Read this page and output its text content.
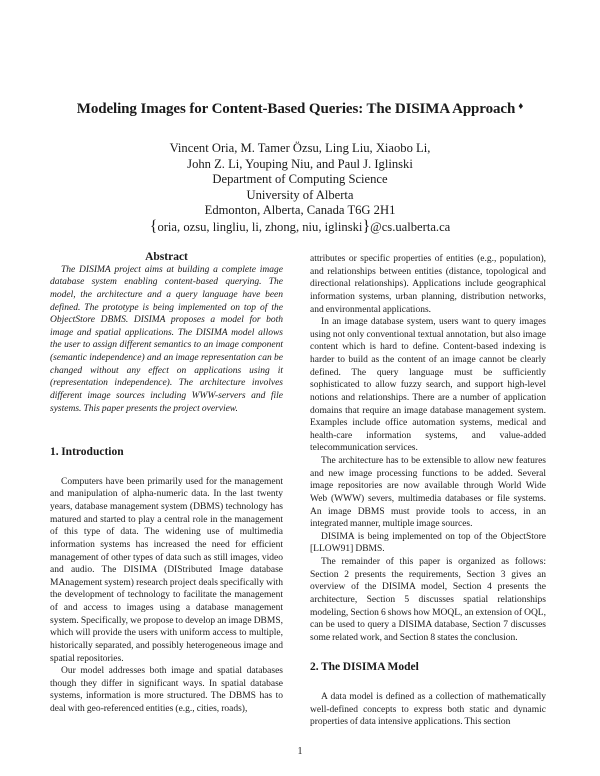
Modeling Images for Content-Based Queries: The DISIMA Approach ♦
Vincent Oria, M. Tamer Özsu, Ling Liu, Xiaobo Li,
John Z. Li, Youping Niu, and Paul J. Iglinski
Department of Computing Science
University of Alberta
Edmonton, Alberta, Canada T6G 2H1
{oria, ozsu, lingliu, li, zhong, niu, iglinski}@cs.ualberta.ca

Abstract

The DISIMA project aims at building a complete image database system enabling content-based querying. The model, the architecture and a query language have been defined. The prototype is being implemented on top of the ObjectStore DBMS. DISIMA proposes a model for both image and spatial applications. The DISIMA model allows the user to assign different semantics to an image component (semantic independence) and an image representation can be changed without any effect on applications using it (representation independence). The architecture involves different image sources including WWW-servers and file systems. This paper presents the project overview.

1. Introduction

Computers have been primarily used for the management and manipulation of alpha-numeric data. In the last twenty years, database management system (DBMS) technology has matured and started to play a central role in the management of this type of data. The widening use of multimedia information systems has increased the need for efficient management of other types of data such as still images, video and audio. The DISIMA (DIStributed Image database MAnagement system) research project deals specifically with the development of technology to facilitate the management of and access to images using a database management system. Specifically, we propose to develop an image DBMS, which will provide the users with uniform access to multiple, historically separated, and possibly heterogeneous image and spatial repositories.

Our model addresses both image and spatial databases though they differ in significant ways. In spatial database systems, information is more structured. The DBMS has to deal with geo-referenced entities (e.g., cities, roads),

attributes or specific properties of entities (e.g., population), and relationships between entities (distance, topological and directional relationships). Applications include geographical information systems, urban planning, distribution networks, and environmental applications.

In an image database system, users want to query images using not only conventional textual annotation, but also image content which is hard to define. Content-based indexing is harder to build as the content of an image cannot be clearly defined. The query language must be sufficiently sophisticated to allow fuzzy search, and support high-level notions and relationships. There are a number of application domains that require an image database management system. Examples include office automation systems, medical and health-care information systems, and value-added telecommunication services.

The architecture has to be extensible to allow new features and new image processing functions to be added. Several image repositories are now available through World Wide Web (WWW) severs, multimedia databases or file systems. An image DBMS must provide tools to access, in an integrated manner, multiple image sources.

DISIMA is being implemented on top of the ObjectStore [LLOW91] DBMS.

The remainder of this paper is organized as follows: Section 2 presents the requirements, Section 3 gives an overview of the DISIMA model, Section 4 presents the architecture, Section 5 discusses spatial relationships modeling, Section 6 shows how MOQL, an extension of OQL, can be used to query a DISIMA database, Section 7 discusses some related work, and Section 8 states the conclusion.

2. The DISIMA Model

A data model is defined as a collection of mathematically well-defined concepts to express both static and dynamic properties of data intensive applications. This section

1
